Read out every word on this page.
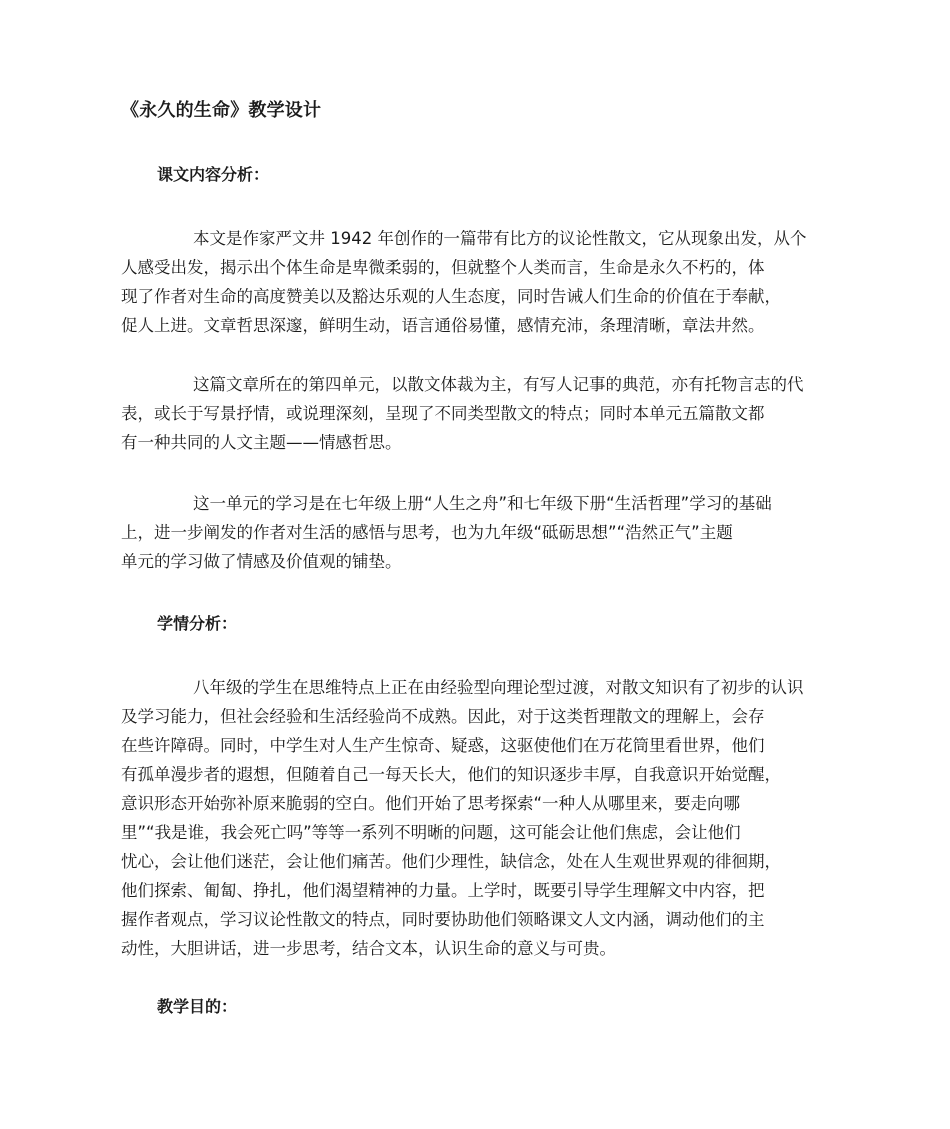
《永久的生命》教学设计
课文内容分析：
本文是作家严文井 1942 年创作的一篇带有比方的议论性散文，它从现象出发，从个
人感受出发，揭示出个体生命是卑微柔弱的，但就整个人类而言，生命是永久不朽的，体
现了作者对生命的高度赞美以及豁达乐观的人生态度，同时告诫人们生命的价值在于奉献，
促人上进。文章哲思深邃，鲜明生动，语言通俗易懂，感情充沛，条理清晰，章法井然。
这篇文章所在的第四单元，以散文体裁为主，有写人记事的典范，亦有托物言志的代
表，或长于写景抒情，或说理深刻，呈现了不同类型散文的特点；同时本单元五篇散文都
有一种共同的人文主题——情感哲思。
这一单元的学习是在七年级上册“人生之舟”和七年级下册“生活哲理”学习的基础
上，进一步阐发的作者对生活的感悟与思考，也为九年级“砥砺思想”“浩然正气”主题
单元的学习做了情感及价值观的铺垫。
学情分析：
八年级的学生在思维特点上正在由经验型向理论型过渡，对散文知识有了初步的认识
及学习能力，但社会经验和生活经验尚不成熟。因此，对于这类哲理散文的理解上，会存
在些许障碍。同时，中学生对人生产生惊奇、疑惑，这驱使他们在万花筒里看世界，他们
有孤单漫步者的遐想，但随着自己一每天长大，他们的知识逐步丰厚，自我意识开始觉醒，
意识形态开始弥补原来脆弱的空白。他们开始了思考探索“一种人从哪里来，要走向哪
里”“我是谁，我会死亡吗”等等一系列不明晰的问题，这可能会让他们焦虑，会让他们
忧心，会让他们迷茫，会让他们痛苦。他们少理性，缺信念，处在人生观世界观的徘徊期，
他们探索、匍匐、挣扎，他们渴望精神的力量。上学时，既要引导学生理解文中内容，把
握作者观点，学习议论性散文的特点，同时要协助他们领略课文人文内涵，调动他们的主
动性，大胆讲话，进一步思考，结合文本，认识生命的意义与可贵。
教学目的：
